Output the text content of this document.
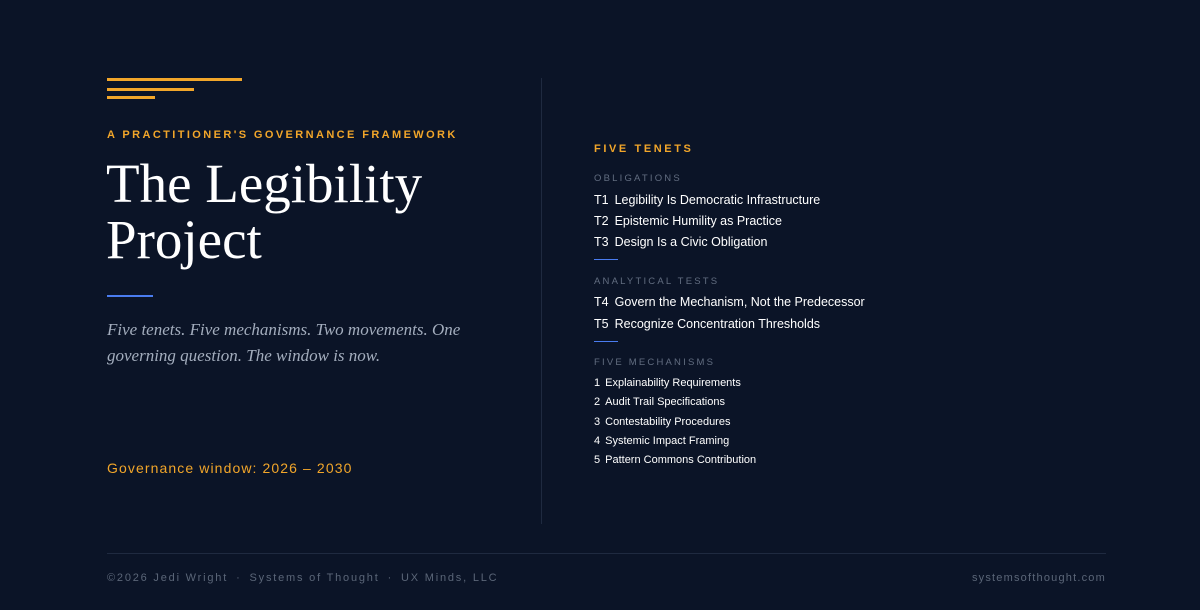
A PRACTITIONER'S GOVERNANCE FRAMEWORK
The Legibility Project

Five tenets. Five mechanisms. Two movements. One governing question. The window is now.

Governance window: 2026 – 2030
FIVE TENETS
OBLIGATIONS
T1 Legibility Is Democratic Infrastructure
T2 Epistemic Humility as Practice
T3 Design Is a Civic Obligation
ANALYTICAL TESTS
T4 Govern the Mechanism, Not the Predecessor
T5 Recognize Concentration Thresholds
FIVE MECHANISMS
1 Explainability Requirements
2 Audit Trail Specifications
3 Contestability Procedures
4 Systemic Impact Framing
5 Pattern Commons Contribution
©2026 Jedi Wright · Systems of Thought · UX Minds, LLC	systemsofthought.com
